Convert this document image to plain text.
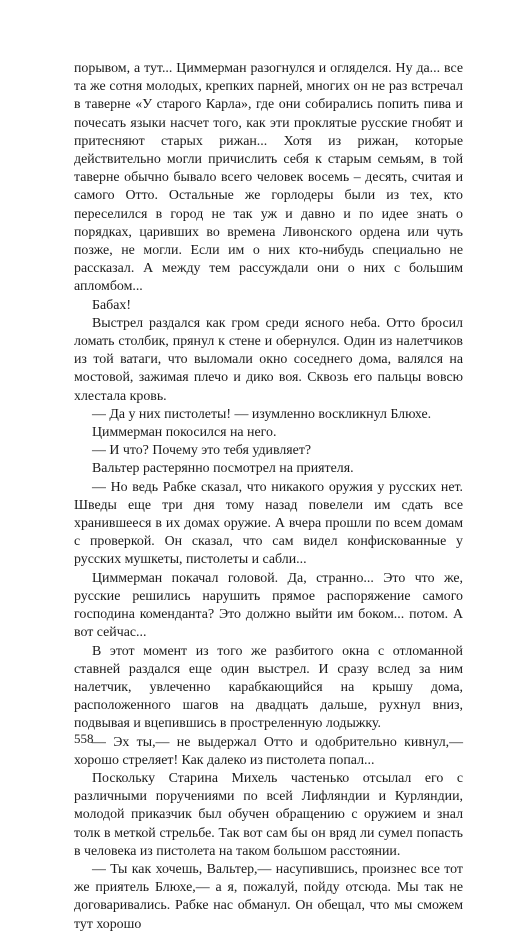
порывом, а тут... Циммерман разогнулся и огляделся. Ну да... все та же сотня молодых, крепких парней, многих он не раз встречал в таверне «У старого Карла», где они собирались попить пива и почесать языки насчет того, как эти проклятые русские гнобят и притесняют старых рижан... Хотя из рижан, которые действительно могли причислить себя к старым семьям, в той таверне обычно бывало всего человек восемь – десять, считая и самого Отто. Остальные же горлодеры были из тех, кто переселился в город не так уж и давно и по идее знать о порядках, царивших во времена Ливонского ордена или чуть позже, не могли. Если им о них кто-нибудь специально не рассказал. А между тем рассуждали они о них с большим апломбом...

Бабах!

Выстрел раздался как гром среди ясного неба. Отто бросил ломать столбик, прянул к стене и обернулся. Один из налетчиков из той ватаги, что выломали окно соседнего дома, валялся на мостовой, зажимая плечо и дико воя. Сквозь его пальцы вовсю хлестала кровь.

— Да у них пистолеты! — изумленно воскликнул Блюхе.

Циммерман покосился на него.

— И что? Почему это тебя удивляет?

Вальтер растерянно посмотрел на приятеля.

— Но ведь Рабке сказал, что никакого оружия у русских нет. Шведы еще три дня тому назад повелели им сдать все хранившееся в их домах оружие. А вчера прошли по всем домам с проверкой. Он сказал, что сам видел конфискованные у русских мушкеты, пистолеты и сабли...

Циммерман покачал головой. Да, странно... Это что же, русские решились нарушить прямое распоряжение самого господина коменданта? Это должно выйти им боком... потом. А вот сейчас...

В этот момент из того же разбитого окна с отломанной ставней раздался еще один выстрел. И сразу вслед за ним налетчик, увлеченно карабкающийся на крышу дома, расположенного шагов на двадцать дальше, рухнул вниз, подвывая и вцепившись в простреленную лодыжку.

— Эх ты,— не выдержал Отто и одобрительно кивнул,— хорошо стреляет! Как далеко из пистолета попал...

Поскольку Старина Михель частенько отсылал его с различными поручениями по всей Лифляндии и Курляндии, молодой приказчик был обучен обращению с оружием и знал толк в меткой стрельбе. Так вот сам бы он вряд ли сумел попасть в человека из пистолета на таком большом расстоянии.

— Ты как хочешь, Вальтер,— насупившись, произнес все тот же приятель Блюхе,— а я, пожалуй, пойду отсюда. Мы так не договаривались. Рабке нас обманул. Он обещал, что мы сможем тут хорошо

558
